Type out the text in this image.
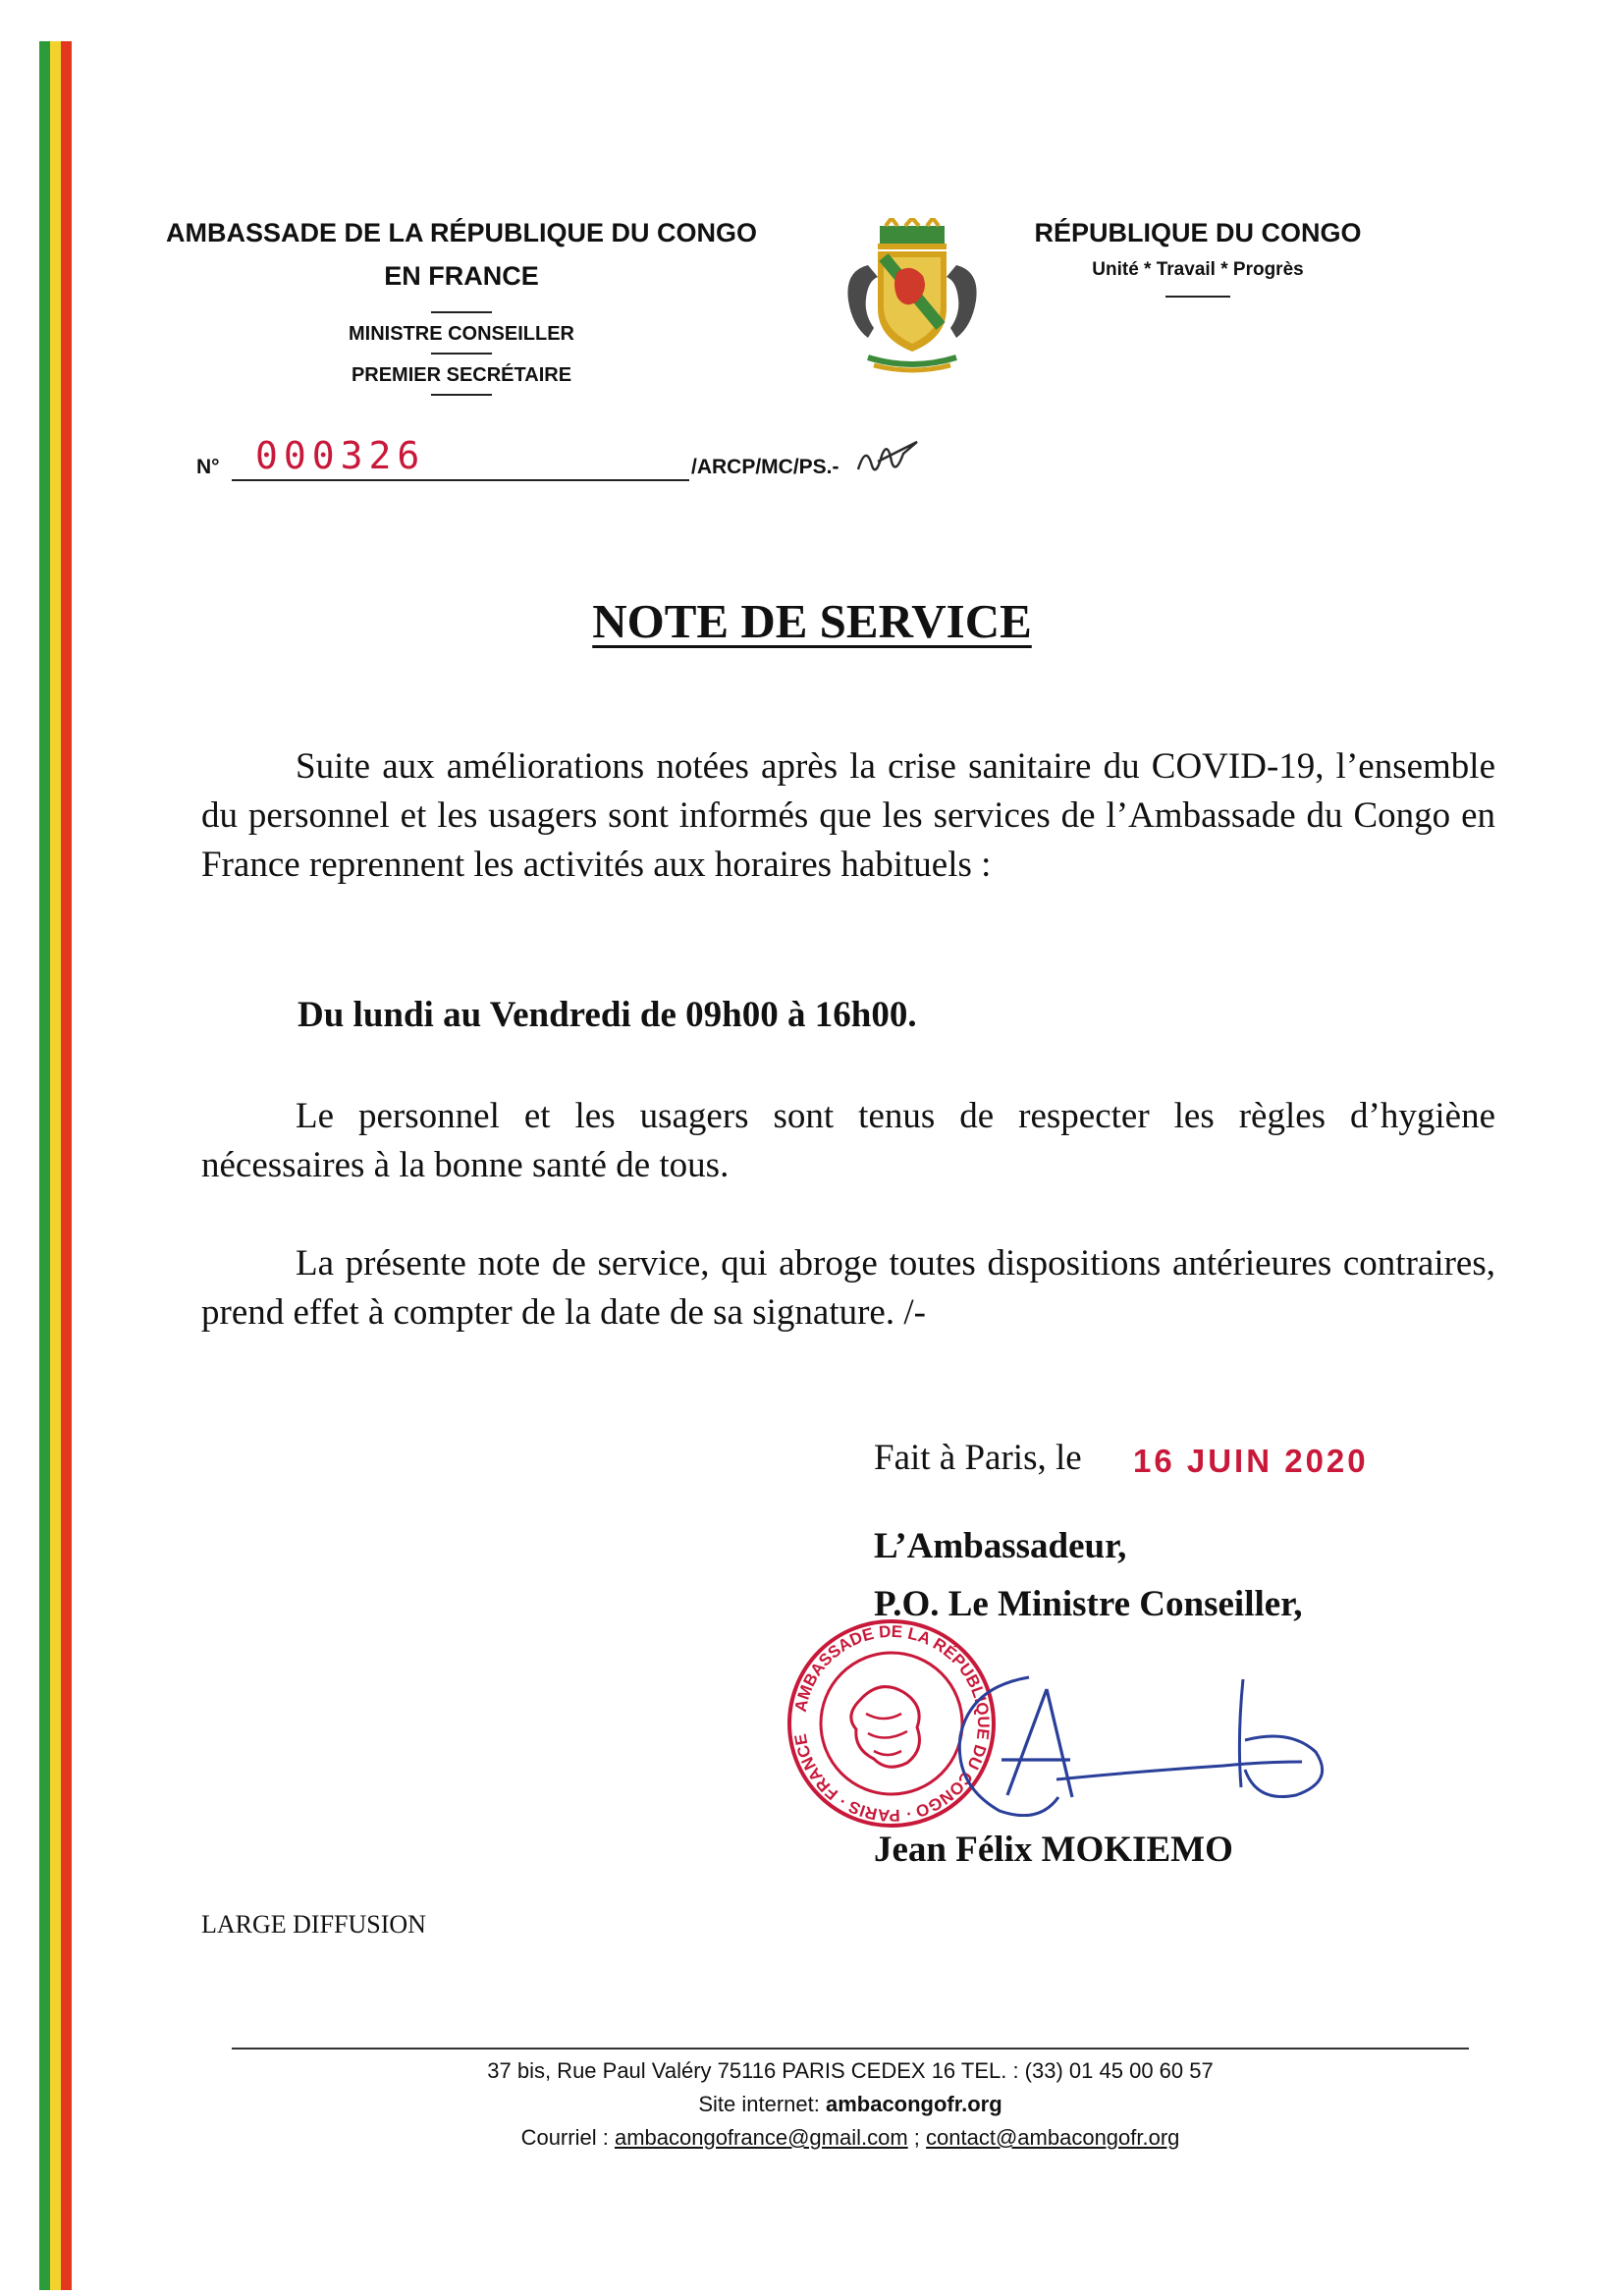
AMBASSADE DE LA RÉPUBLIQUE DU CONGO
EN FRANCE
MINISTRE CONSEILLER
PREMIER SECRÉTAIRE
RÉPUBLIQUE DU CONGO
Unité * Travail * Progrès
N° 000326	/ARCP/MC/PS.-
NOTE DE SERVICE
Suite aux améliorations notées après la crise sanitaire du COVID-19, l’ensemble du personnel et les usagers sont informés que les services de l’Ambassade du Congo en France reprennent les activités aux horaires habituels :
Du lundi au Vendredi de 09h00 à 16h00.
Le personnel et les usagers sont tenus de respecter les règles d’hygiène nécessaires à la bonne santé de tous.
La présente note de service, qui abroge toutes dispositions antérieures contraires, prend effet à compter de la date de sa signature. /-
Fait à Paris, le 16 JUIN 2020
L’Ambassadeur,
P.O. Le Ministre Conseiller,
AMBASSADE DE LA RÉPUBLIQUE DU CONGO · PARIS · FRANCE
Jean Félix MOKIEMO
LARGE DIFFUSION
37 bis, Rue Paul Valéry 75116 PARIS CEDEX 16 TEL. : (33) 01 45 00 60 57
Site internet: ambacongofr.org
Courriel : ambacongofrance@gmail.com ; contact@ambacongofr.org
